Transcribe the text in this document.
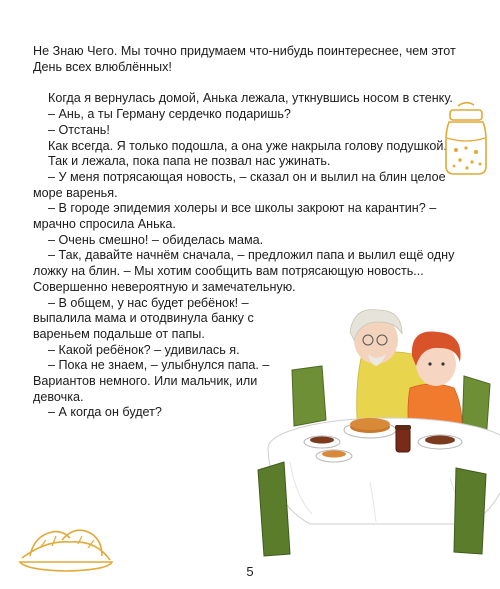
Не Знаю Чего. Мы точно придумаем что-нибудь поинтереснее, чем этот День всех влюблённых!

Когда я вернулась домой, Анька лежала, уткнувшись носом в стенку.

– Ань, а ты Герману сердечко подаришь?

– Отстань!

Как всегда. Я только подошла, а она уже накрыла голову подушкой.

Так и лежала, пока папа не позвал нас ужинать.

– У меня потрясающая новость, – сказал он и вылил на блин целое море варенья.

– В городе эпидемия холеры и все школы закроют на карантин? – мрачно спросила Анька.

– Очень смешно! – обиделась мама.

– Так, давайте начнём сначала, – предложил папа и вылил ещё одну ложку на блин. – Мы хотим сообщить вам потрясающую новость... Совершенно невероятную и замечательную.

– В общем, у нас будет ребёнок! – выпалила мама и отодвинула банку с вареньем подальше от папы.

– Какой ребёнок? – удивилась я.

– Пока не знаем, – улыбнулся папа. – Вариантов немного. Или мальчик, или девочка.

– А когда он будет?

5
